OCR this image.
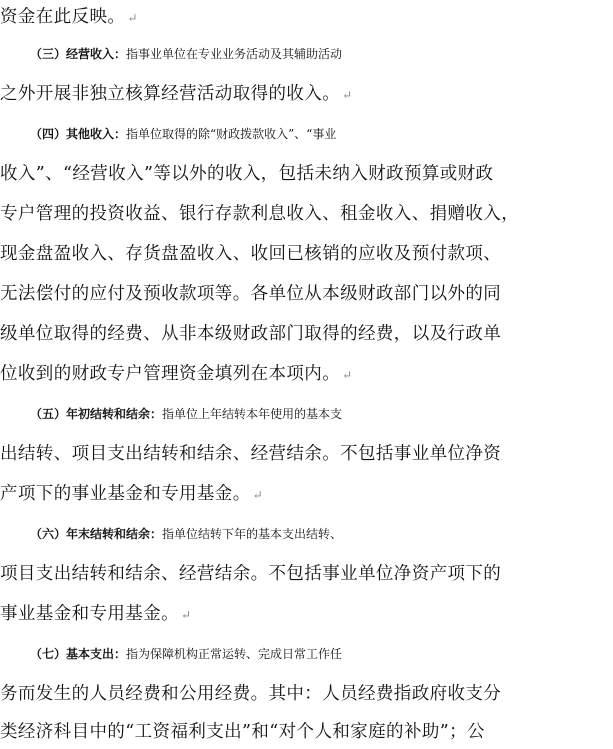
资金在此反映。 ↵
（三）经营收入：指事业单位在专业业务活动及其辅助活动
之外开展非独立核算经营活动取得的收入。 ↵
（四）其他收入：指单位取得的除“财政拨款收入”、“事业
收入”、“经营收入”等以外的收入，包括未纳入财政预算或财政
专户管理的投资收益、银行存款利息收入、租金收入、捐赠收入，
现金盘盈收入、存货盘盈收入、收回已核销的应收及预付款项、
无法偿付的应付及预收款项等。各单位从本级财政部门以外的同
级单位取得的经费、从非本级财政部门取得的经费，以及行政单
位收到的财政专户管理资金填列在本项内。 ↵
（五）年初结转和结余：指单位上年结转本年使用的基本支
出结转、项目支出结转和结余、经营结余。不包括事业单位净资
产项下的事业基金和专用基金。 ↵
（六）年末结转和结余：指单位结转下年的基本支出结转、
项目支出结转和结余、经营结余。不包括事业单位净资产项下的
事业基金和专用基金。 ↵
（七）基本支出：指为保障机构正常运转、完成日常工作任
务而发生的人员经费和公用经费。其中：人员经费指政府收支分
类经济科目中的“工资福利支出”和“对个人和家庭的补助”；公
